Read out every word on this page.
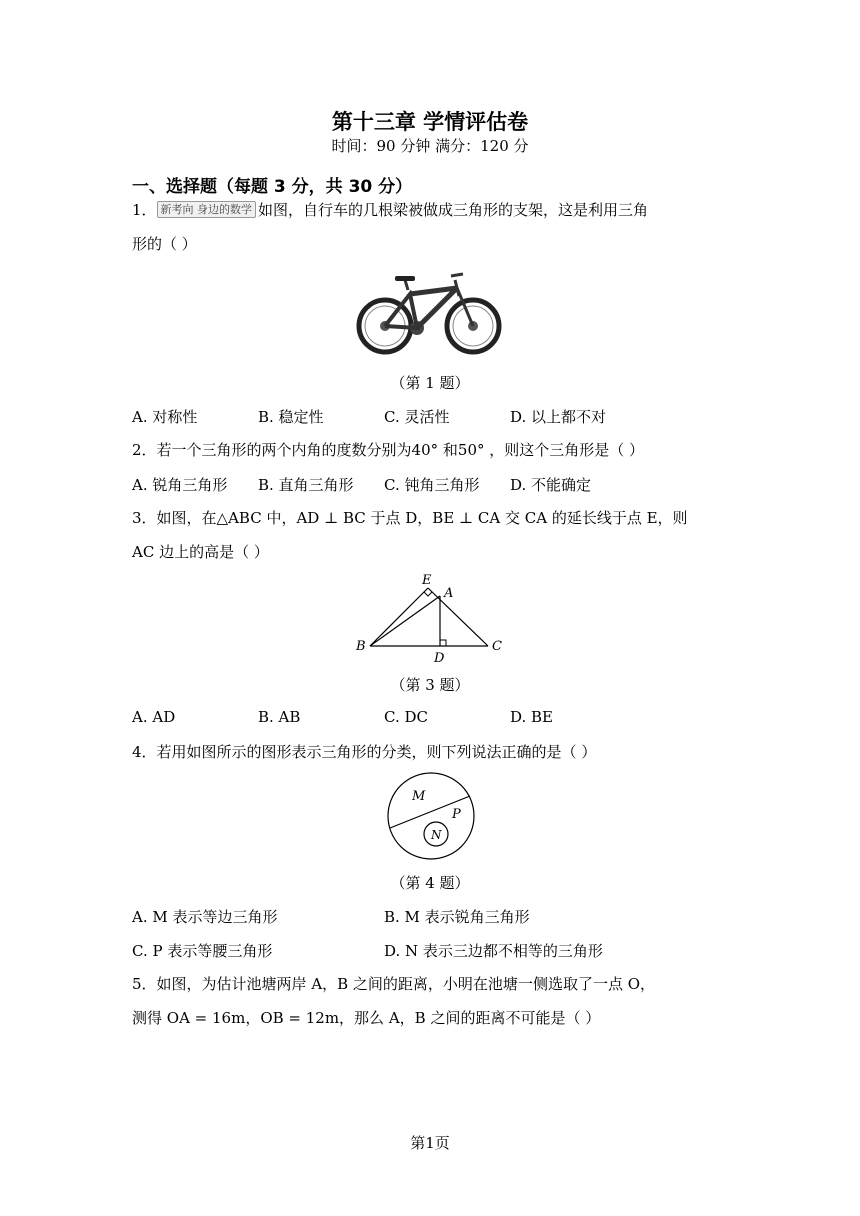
第十三章 学情评估卷
时间：90 分钟 满分：120 分
一、选择题（每题 3 分，共 30 分）
1． 新考向 身边的数学 如图，自行车的几根梁被做成三角形的支架，这是利用三角
形的（ ）
（第 1 题）
A. 对称性	B. 稳定性	C. 灵活性	D. 以上都不对
2．若一个三角形的两个内角的度数分别为40° 和50° ，则这个三角形是（ ）
A. 锐角三角形 B. 直角三角形 C. 钝角三角形 D. 不能确定
3．如图，在△ABC 中，AD ⊥ BC 于点 D，BE ⊥ CA 交 CA 的延长线于点 E，则
AC 边上的高是（ ）
E
A
B
D
C
（第 3 题）
A. AD	B. AB	C. DC	D. BE
4．若用如图所示的图形表示三角形的分类，则下列说法正确的是（ ）
M
P
N
（第 4 题）
A. M 表示等边三角形	B. M 表示锐角三角形
C. P 表示等腰三角形	D. N 表示三边都不相等的三角形
5．如图，为估计池塘两岸 A，B 之间的距离，小明在池塘一侧选取了一点 O，
测得 OA = 16m，OB = 12m，那么 A，B 之间的距离不可能是（ ）
第1页
